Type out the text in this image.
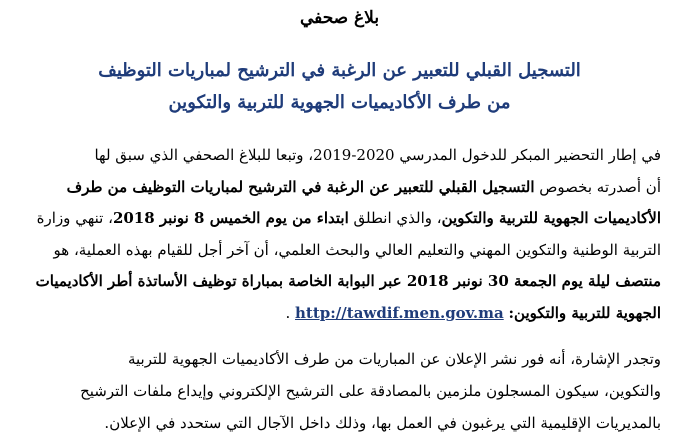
بلاغ صحفي
التسجيل القبلي للتعبير عن الرغبة في الترشيح لمباريات التوظيف
من طرف الأكاديميات الجهوية للتربية والتكوين
في إطار التحضير المبكر للدخول المدرسي 2020-2019، وتبعا للبلاغ الصحفي الذي سبق لها
أن أصدرته بخصوص التسجيل القبلي للتعبير عن الرغبة في الترشيح لمباريات التوظيف من طرف
الأكاديميات الجهوية للتربية والتكوين، والذي انطلق ابتداء من يوم الخميس 8 نونبر 2018، تنهي وزارة
التربية الوطنية والتكوين المهني والتعليم العالي والبحث العلمي، أن آخر أجل للقيام بهذه العملية، هو
منتصف ليلة يوم الجمعة 30 نونبر 2018 عبر البوابة الخاصة بمباراة توظيف الأساتذة أطر الأكاديميات
الجهوية للتربية والتكوين: http://tawdif.men.gov.ma .
وتجدر الإشارة، أنه فور نشر الإعلان عن المباريات من طرف الأكاديميات الجهوية للتربية
والتكوين، سيكون المسجلون ملزمين بالمصادقة على الترشيح الإلكتروني وإيداع ملفات الترشيح
بالمديريات الإقليمية التي يرغبون في العمل بها، وذلك داخل الآجال التي ستحدد في الإعلان.
